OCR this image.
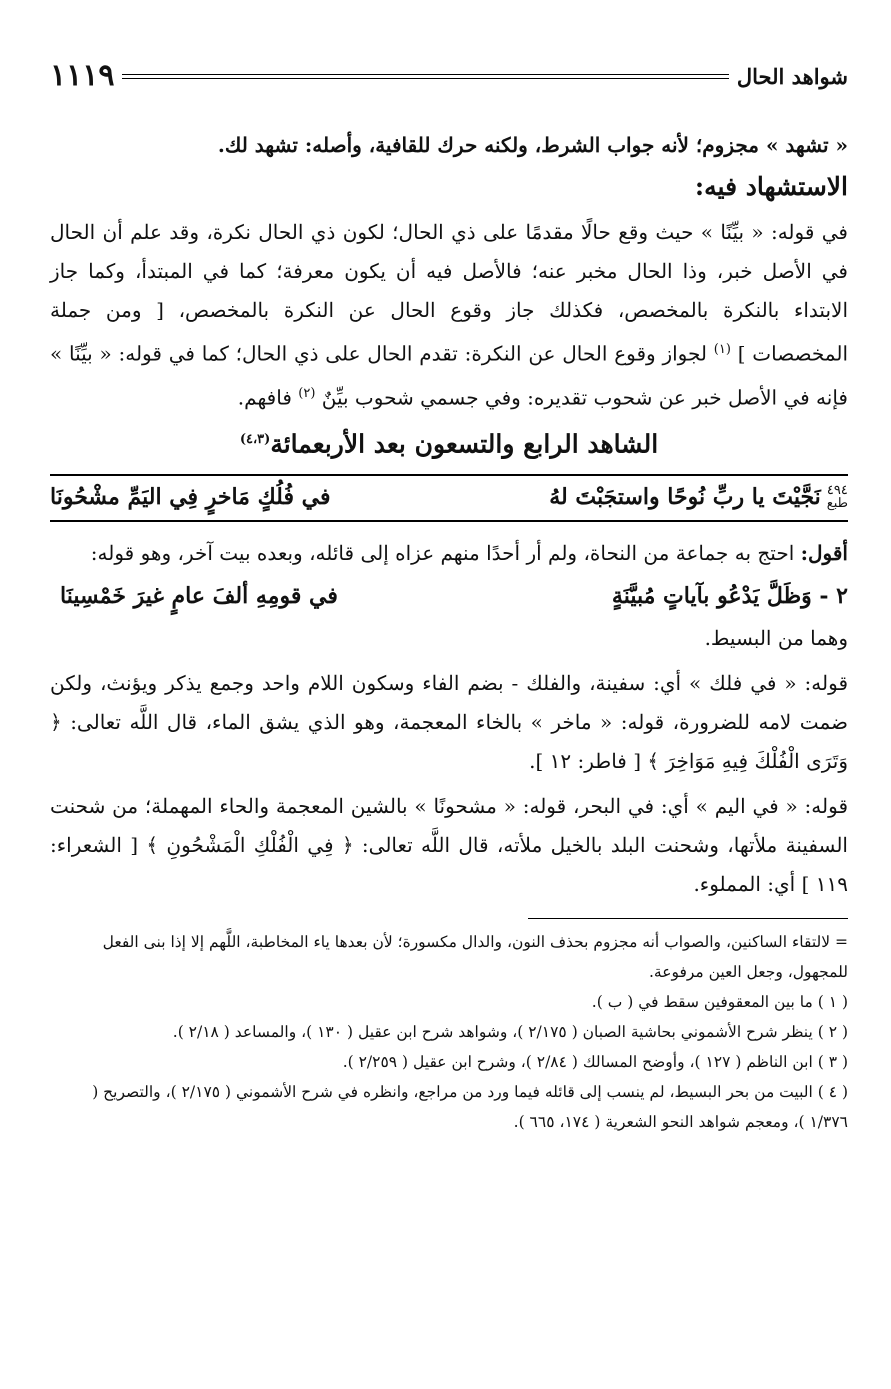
شواهد الحال
١١١٩

« تشهد » مجزوم؛ لأنه جواب الشرط، ولكنه حرك للقافية، وأصله: تشهد لك.

الاستشهاد فيه:

في قوله: « بيِّنًا » حيث وقع حالًا مقدمًا على ذي الحال؛ لكون ذي الحال نكرة، وقد علم أن الحال في الأصل خبر، وذا الحال مخبر عنه؛ فالأصل فيه أن يكون معرفة؛ كما في المبتدأ، وكما جاز الابتداء بالنكرة بالمخصص، فكذلك جاز وقوع الحال عن النكرة بالمخصص، [ ومن جملة المخصصات ] $^{(١)}$ لجواز وقوع الحال عن النكرة: تقدم الحال على ذي الحال؛ كما في قوله: « بيِّنًا » فإنه في الأصل خبر عن شحوب تقديره: وفي جسمي شحوب بيِّنٌ $^{(٢)}$ فافهم.

الشاهد الرابع والتسعون بعد الأربعمائة$^{(٤،٣)}$

٤٩٤
طبع
نَجَّيْتَ يا ربِّ نُوحًا واستجَبْتَ لهُ
في فُلُكٍ مَاخرٍ فِي اليَمِّ مشْحُونَا

أقول: احتج به جماعة من النحاة، ولم أر أحدًا منهم عزاه إلى قائله، وبعده بيت آخر، وهو قوله:

٢ - وَظَلَّ يَدْعُو بآياتٍ مُبيَّنَةٍ
في قومِهِ ألفَ عامٍ غيرَ خَمْسِينَا

وهما من البسيط.

قوله: « في فلك » أي: سفينة، والفلك - بضم الفاء وسكون اللام واحد وجمع يذكر ويؤنث، ولكن ضمت لامه للضرورة، قوله: « ماخر » بالخاء المعجمة، وهو الذي يشق الماء، قال اللَّه تعالى: ﴿ وَتَرَى الْفُلْكَ فِيهِ مَوَاخِرَ ﴾ [ فاطر: ١٢ ].

قوله: « في اليم » أي: في البحر، قوله: « مشحونًا » بالشين المعجمة والحاء المهملة؛ من شحنت السفينة ملأتها، وشحنت البلد بالخيل ملأته، قال اللَّه تعالى: ﴿ فِي الْفُلْكِ الْمَشْحُونِ ﴾ [ الشعراء: ١١٩ ] أي: المملوء.

= لالتقاء الساكنين، والصواب أنه مجزوم بحذف النون، والدال مكسورة؛ لأن بعدها ياء المخاطبة، اللَّهم إلا إذا بنى الفعل للمجهول، وجعل العين مرفوعة.

( ١ ) ما بين المعقوفين سقط في ( ب ).

( ٢ ) ينظر شرح الأشموني بحاشية الصبان ( ٢/١٧٥ )، وشواهد شرح ابن عقيل ( ١٣٠ )، والمساعد ( ٢/١٨ ).

( ٣ ) ابن الناظم ( ١٢٧ )، وأوضح المسالك ( ٢/٨٤ )، وشرح ابن عقيل ( ٢/٢٥٩ ).

( ٤ ) البيت من بحر البسيط، لم ينسب إلى قائله فيما ورد من مراجع، وانظره في شرح الأشموني ( ٢/١٧٥ )، والتصريح ( ١/٣٧٦ )، ومعجم شواهد النحو الشعرية ( ١٧٤، ٦٦٥ ).
